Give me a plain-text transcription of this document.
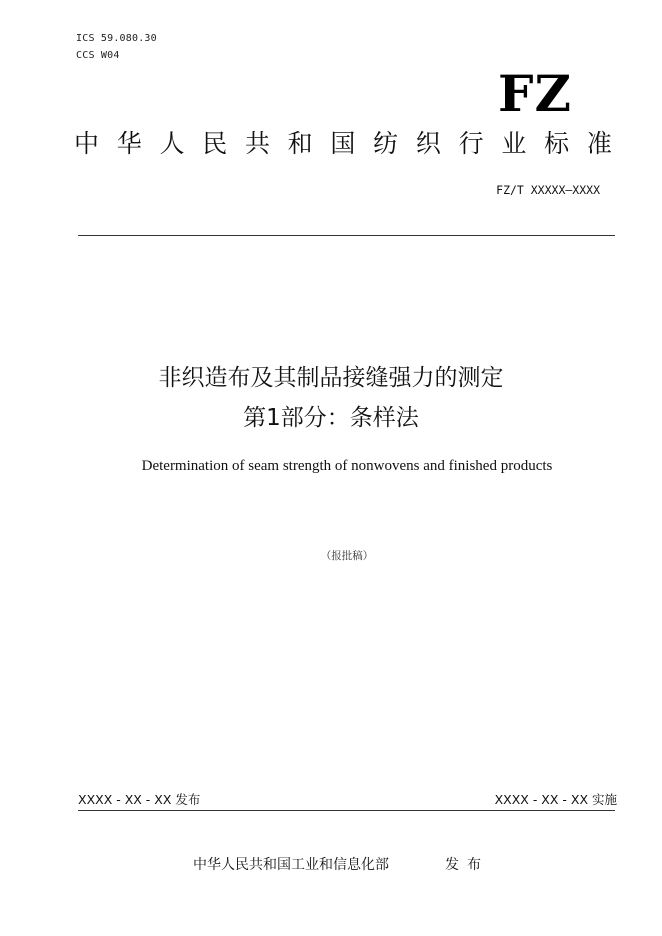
ICS 59.080.30
CCS W04
FZ
中 华 人 民 共 和 国 纺 织 行 业 标 准
FZ/T XXXXX—XXXX
非织造布及其制品接缝强力的测定
第1部分：条样法
Determination of seam strength of nonwovens and finished products
（报批稿）
XXXX - XX - XX 发布	XXXX - XX - XX 实施
中华人民共和国工业和信息化部	发布
